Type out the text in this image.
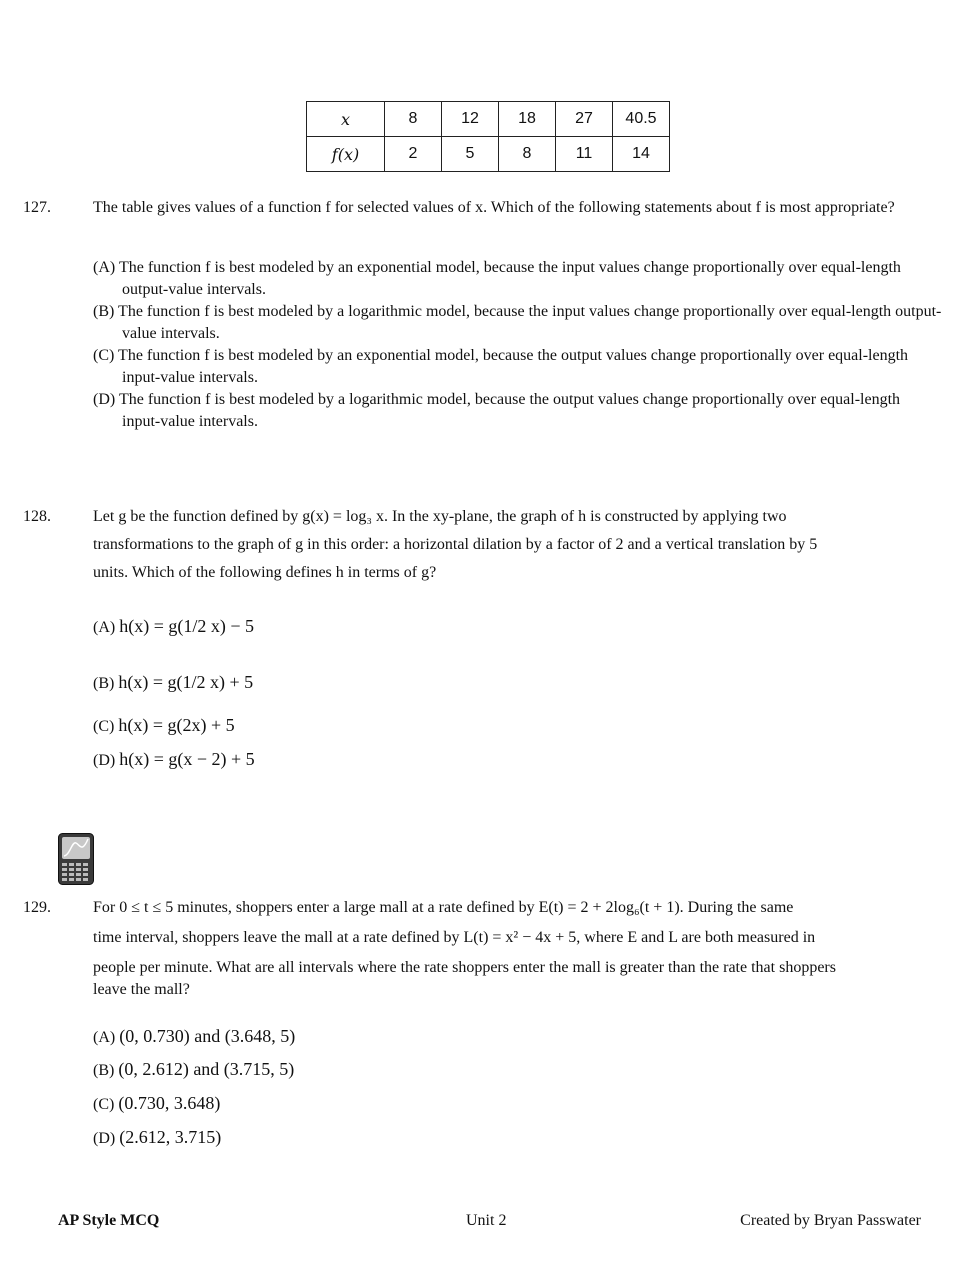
x	8	12	18	27	40.5
f(x)	2	5	8	11	14
127.	The table gives values of a function f for selected values of x. Which of the following statements about f is most appropriate?
(A) The function f is best modeled by an exponential model, because the input values change proportionally over equal-length output-value intervals.
(B) The function f is best modeled by a logarithmic model, because the input values change proportionally over equal-length output-value intervals.
(C) The function f is best modeled by an exponential model, because the output values change proportionally over equal-length input-value intervals.
(D) The function f is best modeled by a logarithmic model, because the output values change proportionally over equal-length input-value intervals.
128.	Let g be the function defined by g(x) = log₃ x. In the xy-plane, the graph of h is constructed by applying two
transformations to the graph of g in this order: a horizontal dilation by a factor of 2 and a vertical translation by 5
units. Which of the following defines h in terms of g?
(A) h(x) = g(1/2 x) − 5
(B) h(x) = g(1/2 x) + 5
(C) h(x) = g(2x) + 5
(D) h(x) = g(x − 2) + 5
129.	For 0 ≤ t ≤ 5 minutes, shoppers enter a large mall at a rate defined by E(t) = 2 + 2log₆(t + 1). During the same
time interval, shoppers leave the mall at a rate defined by L(t) = x² − 4x + 5, where E and L are both measured in
people per minute. What are all intervals where the rate shoppers enter the mall is greater than the rate that shoppers
leave the mall?
(A) (0, 0.730) and (3.648, 5)
(B) (0, 2.612) and (3.715, 5)
(C) (0.730, 3.648)
(D) (2.612, 3.715)
AP Style MCQ	Unit 2	Created by Bryan Passwater
